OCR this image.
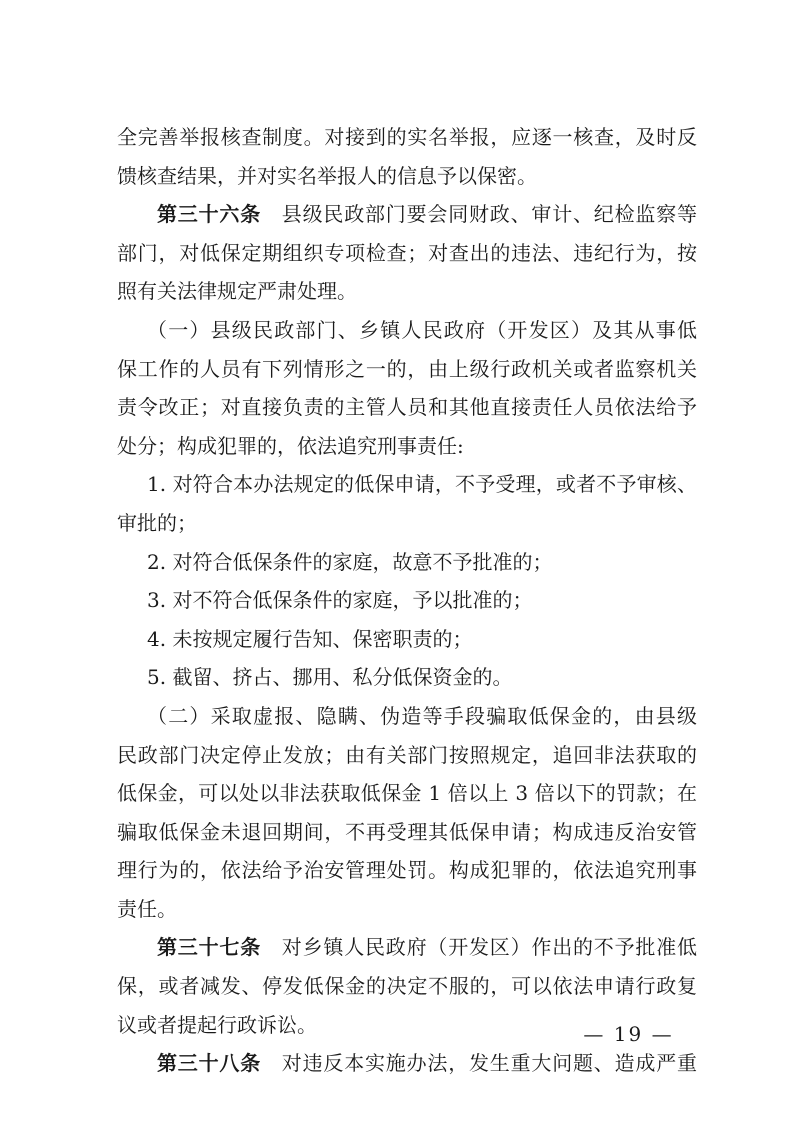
全完善举报核查制度。对接到的实名举报，应逐一核查，及时反
馈核查结果，并对实名举报人的信息予以保密。
第三十六条　县级民政部门要会同财政、审计、纪检监察等
部门，对低保定期组织专项检查；对查出的违法、违纪行为，按
照有关法律规定严肃处理。
（一）县级民政部门、乡镇人民政府（开发区）及其从事低
保工作的人员有下列情形之一的，由上级行政机关或者监察机关
责令改正；对直接负责的主管人员和其他直接责任人员依法给予
处分；构成犯罪的，依法追究刑事责任:
1. 对符合本办法规定的低保申请，不予受理，或者不予审核、
审批的；
2. 对符合低保条件的家庭，故意不予批准的；
3. 对不符合低保条件的家庭，予以批准的；
4. 未按规定履行告知、保密职责的；
5. 截留、挤占、挪用、私分低保资金的。
（二）采取虚报、隐瞒、伪造等手段骗取低保金的，由县级
民政部门决定停止发放；由有关部门按照规定，追回非法获取的
低保金，可以处以非法获取低保金 1 倍以上 3 倍以下的罚款；在
骗取低保金未退回期间，不再受理其低保申请；构成违反治安管
理行为的，依法给予治安管理处罚。构成犯罪的，依法追究刑事
责任。
第三十七条　对乡镇人民政府（开发区）作出的不予批准低
保，或者减发、停发低保金的决定不服的，可以依法申请行政复
议或者提起行政诉讼。
第三十八条　对违反本实施办法，发生重大问题、造成严重
— 19 —
